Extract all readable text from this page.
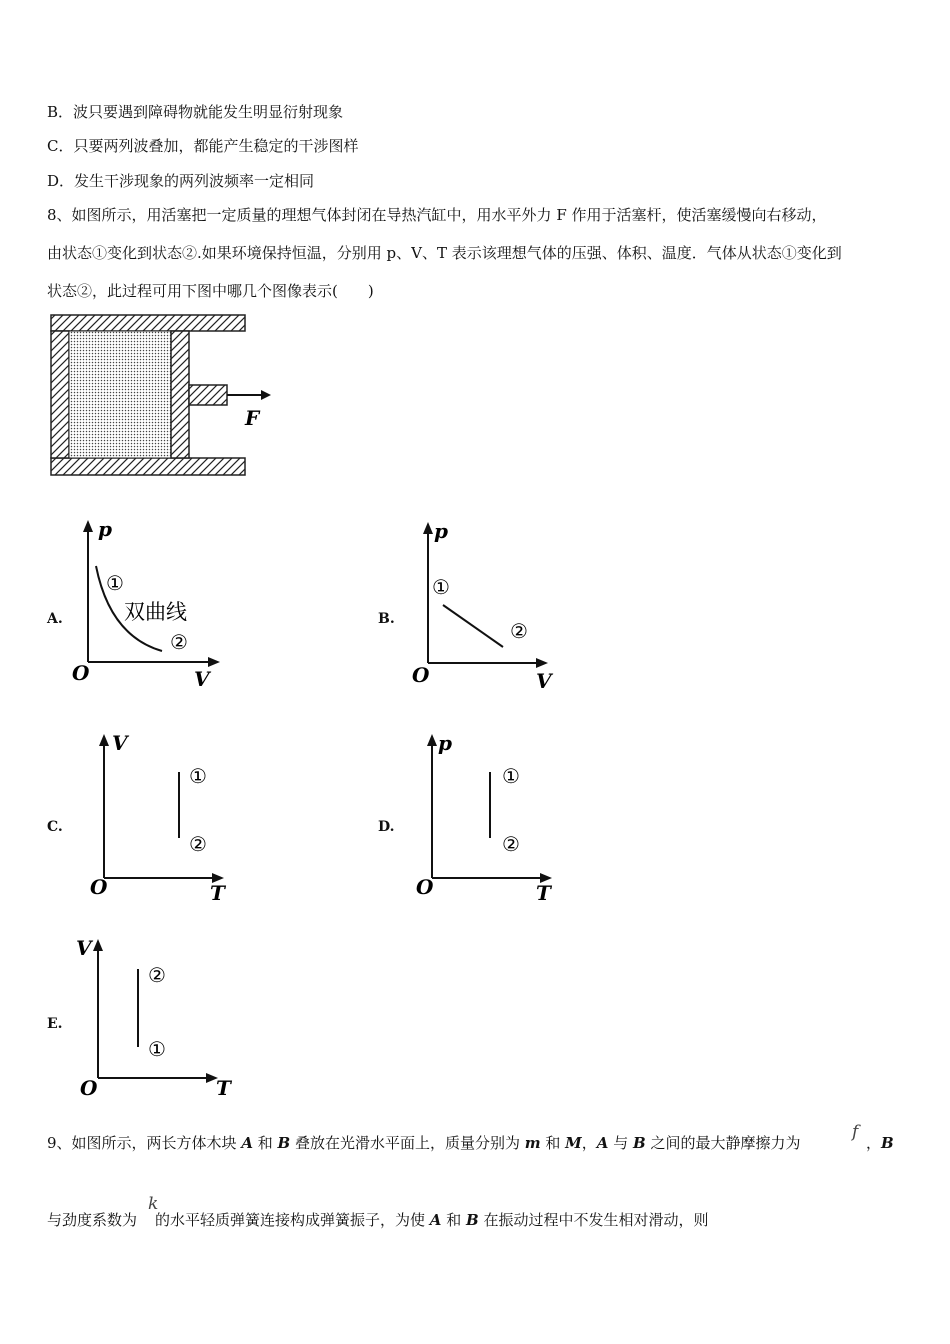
B．波只要遇到障碍物就能发生明显衍射现象
C．只要两列波叠加，都能产生稳定的干涉图样
D．发生干涉现象的两列波频率一定相同
8、如图所示，用活塞把一定质量的理想气体封闭在导热汽缸中，用水平外力 F 作用于活塞杆，使活塞缓慢向右移动，
由状态①变化到状态②.如果环境保持恒温，分别用 p、V、T 表示该理想气体的压强、体积、温度．气体从状态①变化到
状态②，此过程可用下图中哪几个图像表示(　　)
F
A.
p
V
O
①
②
双曲线	B.
p
V
O
①
②
C.
V
T
O
①
②
D.
p
T
O
①
②
E.
V
T
O
②
①
9、如图所示，两长方体木块 A 和 B 叠放在光滑水平面上，质量分别为 m 和 M，A 与 B 之间的最大静摩擦力为
f
，B
与劲度系数为 的水平轻质弹簧连接构成弹簧振子，为使 A 和 B 在振动过程中不发生相对滑动，则
k
